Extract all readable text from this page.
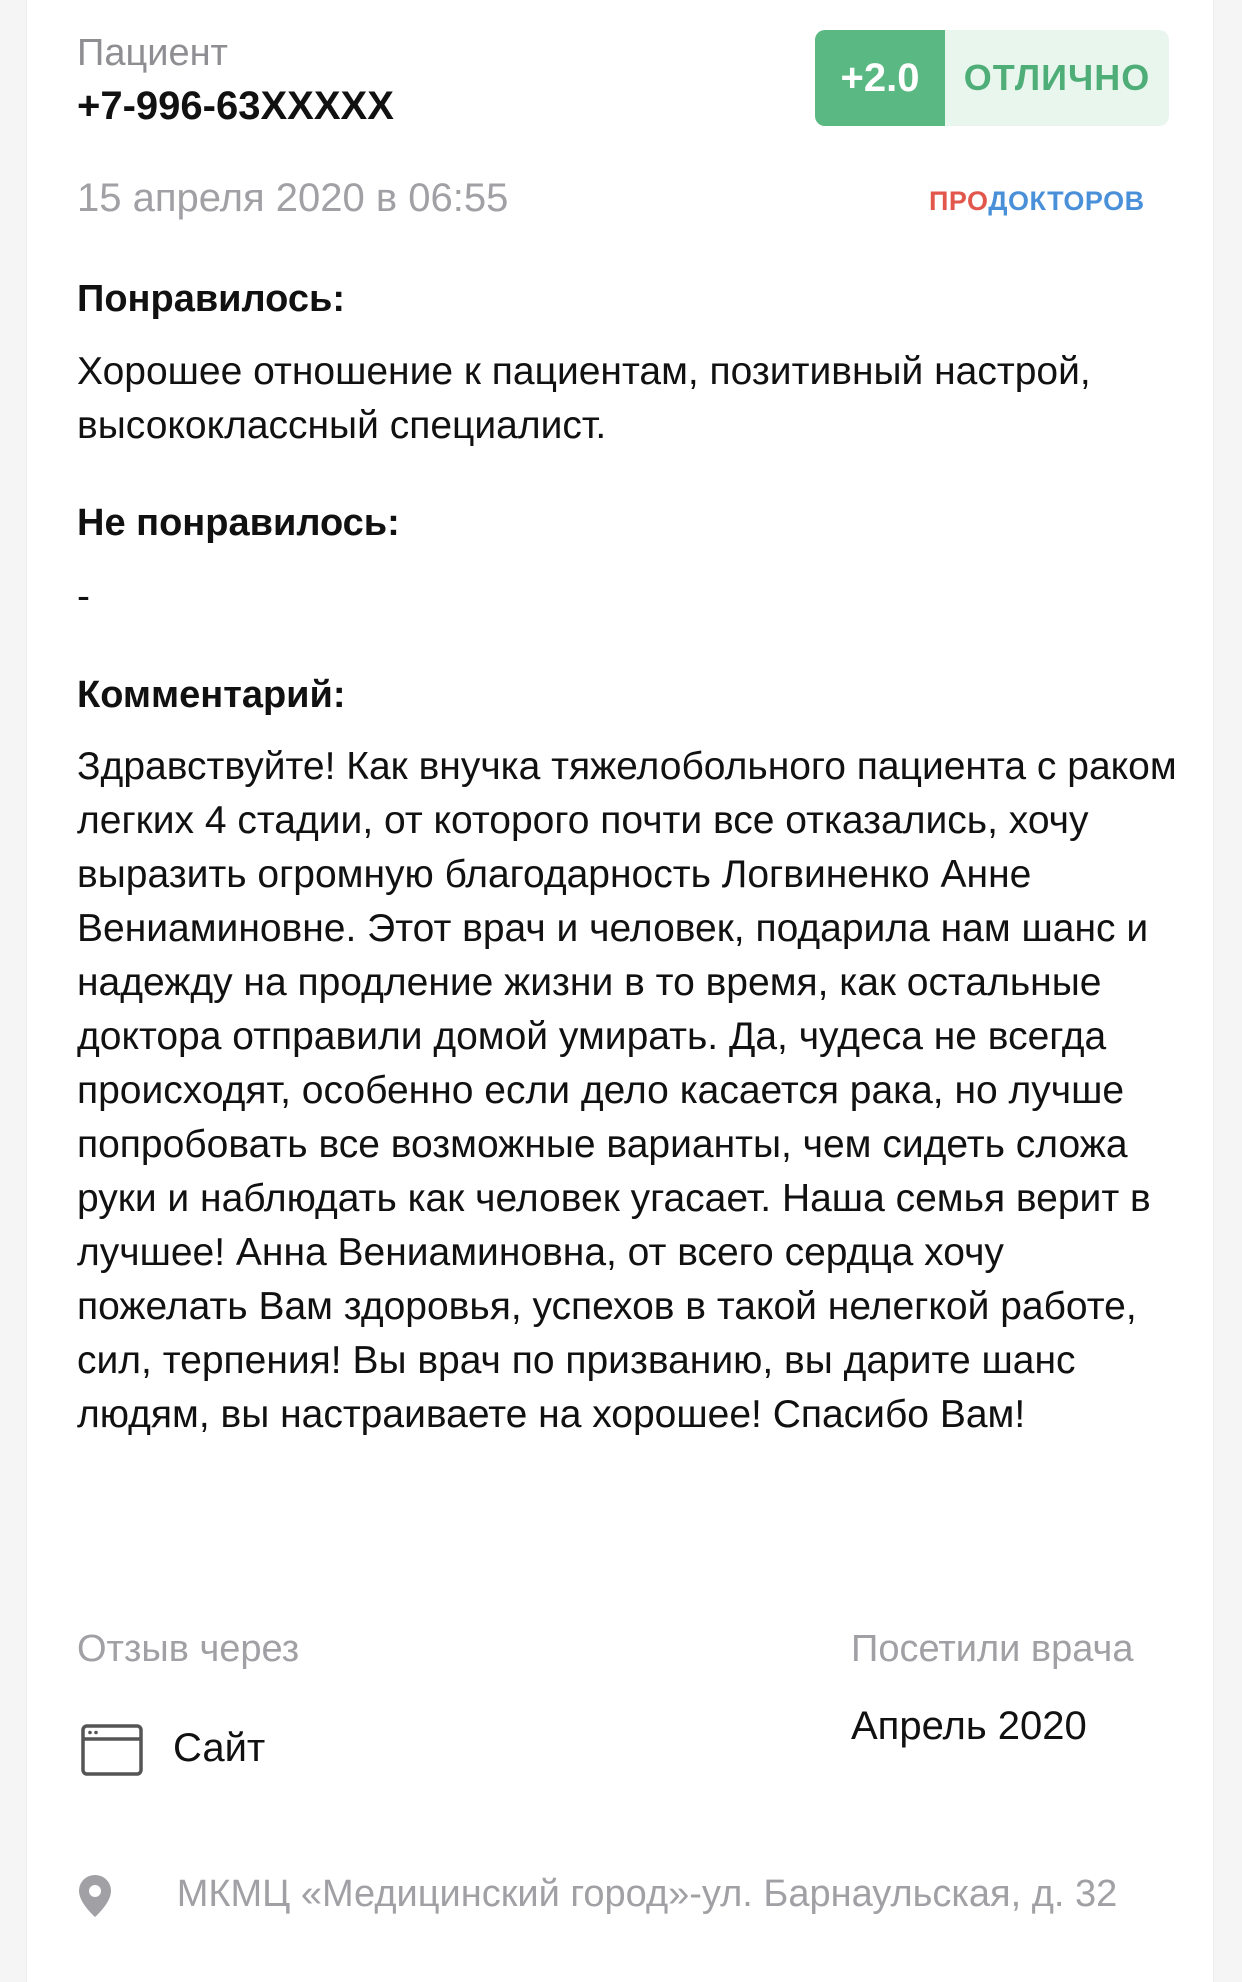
Пациент
+7-996-63XXXXX
+2.0	ОТЛИЧНО
15 апреля 2020 в 06:55	ПРОДОКТОРОВ
Понравилось:
Хорошее отношение к пациентам, позитивный настрой, высококлассный специалист.
Не понравилось:
-
Комментарий:
Здравствуйте! Как внучка тяжелобольного пациента с раком легких 4 стадии, от которого почти все отказались, хочу выразить огромную благодарность Логвиненко Анне Вениаминовне. Этот врач и человек, подарила нам шанс и надежду на продление жизни в то время, как остальные доктора отправили домой умирать. Да, чудеса не всегда происходят, особенно если дело касается рака, но лучше попробовать все возможные варианты, чем сидеть сложа руки и наблюдать как человек угасает. Наша семья верит в лучшее! Анна Вениаминовна, от всего сердца хочу пожелать Вам здоровья, успехов в такой нелегкой работе, сил, терпения! Вы врач по призванию, вы дарите шанс людям, вы настраиваете на хорошее! Спасибо Вам!
Отзыв через
Сайт
Посетили врача
Апрель 2020
МКМЦ «Медицинский город»-ул. Барнаульская, д. 32
